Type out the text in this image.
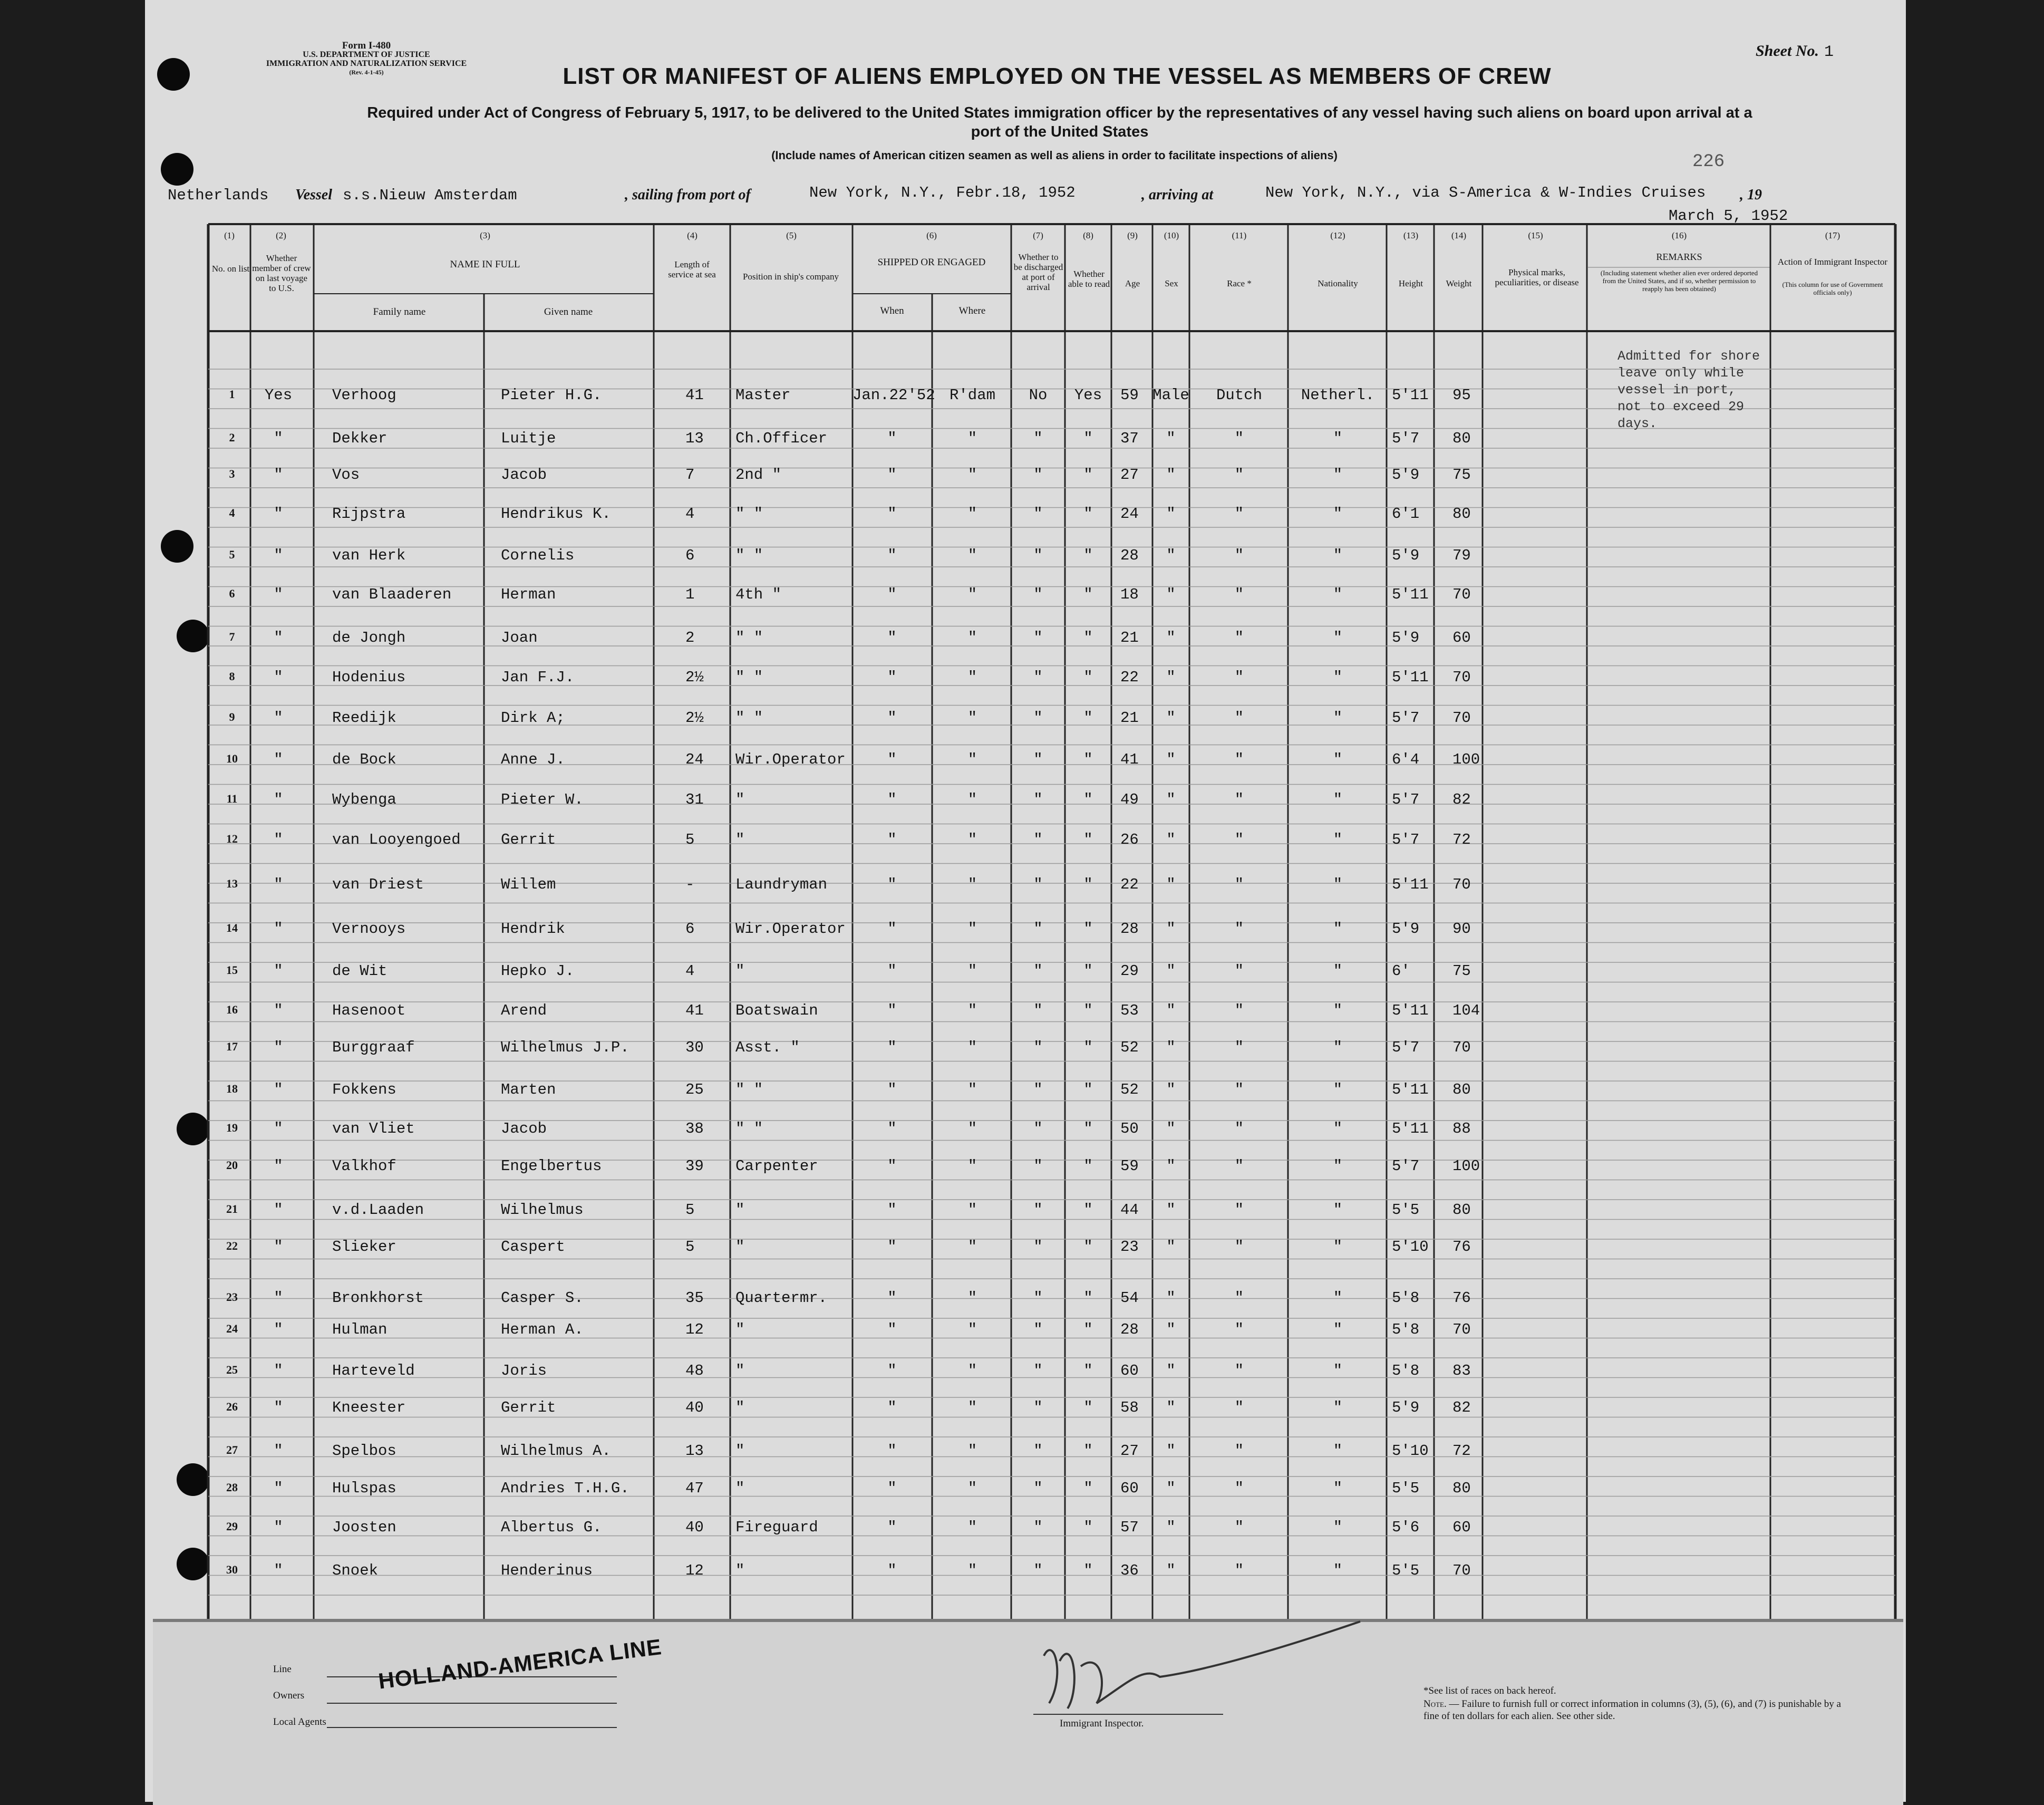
Form I-480
U.S. DEPARTMENT OF JUSTICE
IMMIGRATION AND NATURALIZATION SERVICE
(Rev. 4-1-45)
Sheet No. 1
LIST OR MANIFEST OF ALIENS EMPLOYED ON THE VESSEL AS MEMBERS OF CREW
Required under Act of Congress of February 5, 1917, to be delivered to the United States immigration officer by the representatives of any vessel having such aliens on board upon arrival at a
port of the United States
(Include names of American citizen seamen as well as aliens in order to facilitate inspections of aliens)	226
Netherlands Vessel s.s.Nieuw Amsterdam	, sailing from port of	New York, N.Y., Febr.18, 1952	, arriving at	New York, N.Y., via S-America & W-Indies Cruises , 19
March 5, 1952
(1)
No. on list
(2)
Whether member of crew on last voyage to U.S.
(3)
NAME IN FULL
Family name	Given name
(4)
Length of service at sea
(5)
Position in ship's company
(6)
SHIPPED OR ENGAGED
When	Where
(7)
Whether to be discharged at port of arrival
(8)
Whether able to read
(9)
Age
(10)
Sex
(11)
Race *
(12)
Nationality
(13)
Height
(14)
Weight
(15)
Physical marks, peculiarities, or disease
(16)
REMARKS
(Including statement whether alien ever ordered deported from the United States, and if so, whether permission to reapply has been obtained)
(17)
Action of Immigrant Inspector
(This column for use of Government officials only)
Admitted for shore leave only while vessel in port, not to exceed 29 days.
1	Yes	Verhoog	Pieter H.G.	41 Master	Jan.22'52 R'dam	No	Yes	59 Male	Dutch	Netherl.	5'11 95
2	"	Dekker	Luitje	13 Ch.Officer	"	"	"	"	37	"	"	"	5'7 80
3	"	Vos	Jacob	7	2nd "	"	"	"	"	27	"	"	"	5'9 75
4	"	Rijpstra	Hendrikus K.	4	" "	"	"	"	"	24	"	"	"	6'1 80
5	"	van Herk	Cornelis	6	" "	"	"	"	"	28	"	"	"	5'9 79
6	"	van Blaaderen	Herman	1	4th "	"	"	"	"	18	"	"	"	5'11 70
7	"	de Jongh	Joan	2	" "	"	"	"	"	21	"	"	"	5'9 60
8	"	Hodenius	Jan F.J.	2½ " "	"	"	"	"	22	"	"	"	5'11 70
9	"	Reedijk	Dirk A;	2½ " "	"	"	"	"	21	"	"	"	5'7 70
10	"	de Bock	Anne J.	24 Wir.Operator	"	"	"	"	41	"	"	"	6'4 100
11	"	Wybenga	Pieter W.	31 "	"	"	"	"	49	"	"	"	5'7 82
12	"	van Looyengoed	Gerrit	5	"	"	"	"	"	26	"	"	"	5'7 72
13	"	van Driest	Willem	-	Laundryman	"	"	"	"	22	"	"	"	5'11 70
14	"	Vernooys	Hendrik	6	Wir.Operator	"	"	"	"	28	"	"	"	5'9 90
15	"	de Wit	Hepko J.	4	"	"	"	"	"	29	"	"	"	6'	75
16	"	Hasenoot	Arend	41 Boatswain	"	"	"	"	53	"	"	"	5'11 104
17	"	Burggraaf	Wilhelmus J.P.	30 Asst. "	"	"	"	"	52	"	"	"	5'7 70
18	"	Fokkens	Marten	25 " "	"	"	"	"	52	"	"	"	5'11 80
19	"	van Vliet	Jacob	38 " "	"	"	"	"	50	"	"	"	5'11 88
20	"	Valkhof	Engelbertus	39 Carpenter	"	"	"	"	59	"	"	"	5'7 100
21	"	v.d.Laaden	Wilhelmus	5	"	"	"	"	"	44	"	"	"	5'5 80
22	"	Slieker	Caspert	5	"	"	"	"	"	23	"	"	"	5'10 76
23	"	Bronkhorst	Casper S.	35 Quartermr.	"	"	"	"	54	"	"	"	5'8 76
24	"	Hulman	Herman A.	12 "	"	"	"	"	28	"	"	"	5'8 70
25	"	Harteveld	Joris	48 "	"	"	"	"	60	"	"	"	5'8 83
26	"	Kneester	Gerrit	40 "	"	"	"	"	58	"	"	"	5'9 82
27	"	Spelbos	Wilhelmus A.	13 "	"	"	"	"	27	"	"	"	5'10 72
28	"	Hulspas	Andries T.H.G.	47 "	"	"	"	"	60	"	"	"	5'5 80
29	"	Joosten	Albertus G.	40 Fireguard	"	"	"	"	57	"	"	"	5'6 60
30	"	Snoek	Henderinus	12 "	"	"	"	"	36	"	"	"	5'5 70
Line
Owners
Local Agents
HOLLAND-AMERICA LINE
Immigrant Inspector.
*See list of races on back hereof.
Note. — Failure to furnish full or correct information in columns (3), (5), (6), and (7) is punishable by a fine of ten dollars for each alien. See other side.
